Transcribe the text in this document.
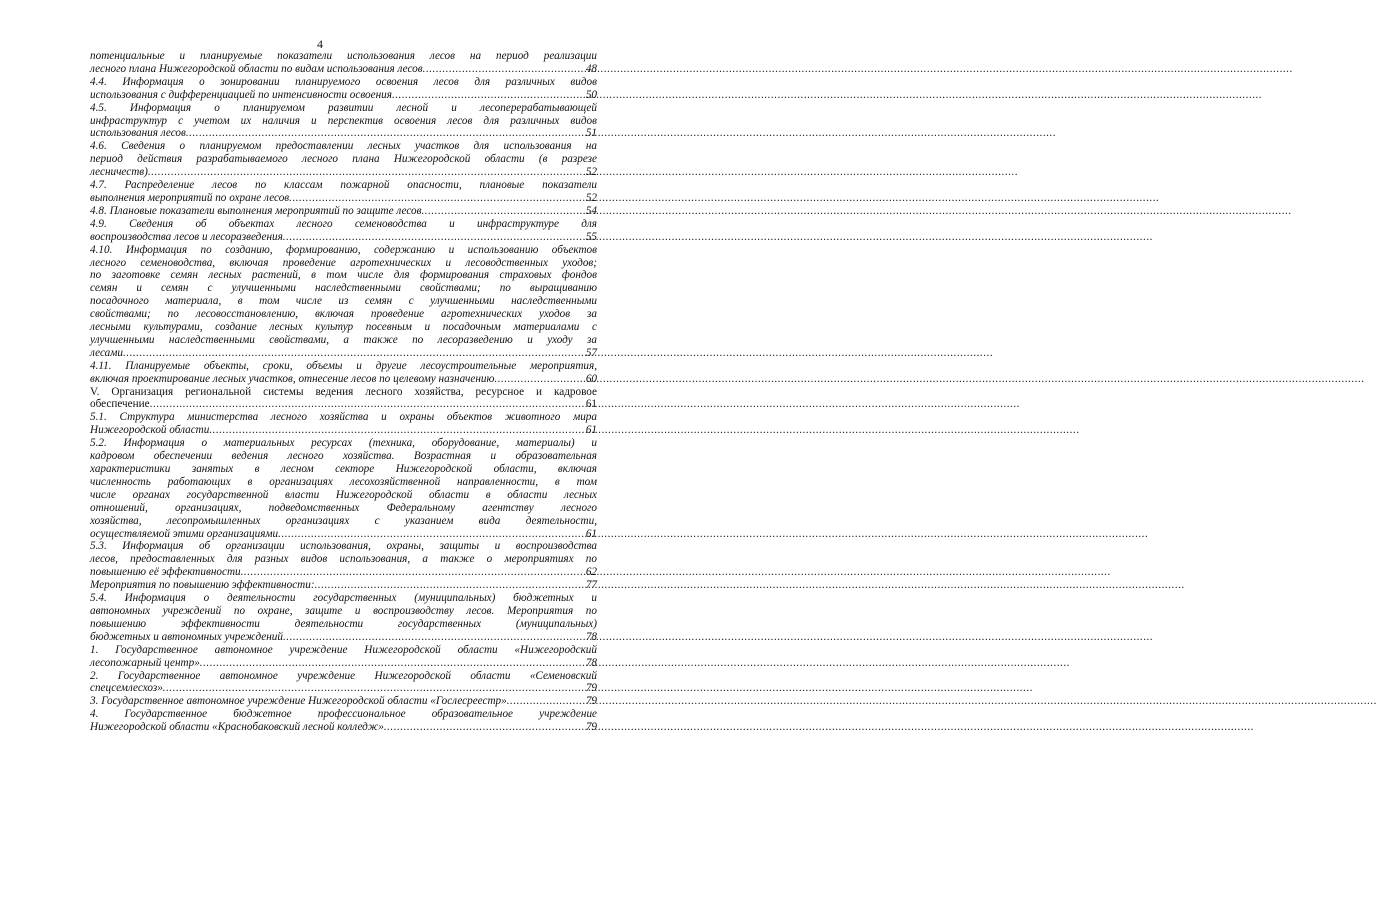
4
потенциальные и планируемые показатели использования лесов на период реализации
лесного плана Нижегородской области по видам использования лесов .....	48
4.4. Информация о зонировании планируемого освоения лесов для различных видов
использования с дифференциацией по интенсивности освоения .....	50
4.5. Информация о планируемом развитии лесной и лесоперерабатывающей
инфраструктур с учетом их наличия и перспектив освоения лесов для различных видов
использования лесов .....	51
4.6. Сведения о планируемом предоставлении лесных участков для использования на
период действия разрабатываемого лесного плана Нижегородской области (в разрезе
лесничеств) .....	52
4.7. Распределение лесов по классам пожарной опасности, плановые показатели
выполнения мероприятий по охране лесов .....	52
4.8. Плановые показатели выполнения мероприятий по защите лесов .....	54
4.9. Сведения об объектах лесного семеноводства и инфраструктуре для
воспроизводства лесов и лесоразведения .....	55
4.10. Информация по созданию, формированию, содержанию и использованию объектов
лесного семеноводства, включая проведение агротехнических и лесоводственных уходов;
по заготовке семян лесных растений, в том числе для формирования страховых фондов
семян и семян с улучшенными наследственными свойствами; по выращиванию
посадочного материала, в том числе из семян с улучшенными наследственными
свойствами; по лесовосстановлению, включая проведение агротехнических уходов за
лесными культурами, создание лесных культур посевным и посадочным материалами с
улучшенными наследственными свойствами, а также по лесоразведению и уходу за
лесами .....	57
4.11. Планируемые объекты, сроки, объемы и другие лесоустроительные мероприятия,
включая проектирование лесных участков, отнесение лесов по целевому назначению .....	60
V. Организация региональной системы ведения лесного хозяйства, ресурсное и кадровое
обеспечение .....	61
5.1. Структура министерства лесного хозяйства и охраны объектов животного мира
Нижегородской области .....	61
5.2. Информация о материальных ресурсах (техника, оборудование, материалы) и
кадровом обеспечении ведения лесного хозяйства. Возрастная и образовательная
характеристики занятых в лесном секторе Нижегородской области, включая
численность работающих в организациях лесохозяйственной направленности, в том
числе органах государственной власти Нижегородской области в области лесных
отношений, организациях, подведомственных Федеральному агентству лесного
хозяйства, лесопромышленных организациях с указанием вида деятельности,
осуществляемой этими организациями .....	61
5.3. Информация об организации использования, охраны, защиты и воспроизводства
лесов, предоставленных для разных видов использования, а также о мероприятиях по
повышению её эффективности .....	62
Мероприятия по повышению эффективности: .....	77
5.4. Информация о деятельности государственных (муниципальных) бюджетных и
автономных учреждений по охране, защите и воспроизводству лесов. Мероприятия по
повышению эффективности деятельности государственных (муниципальных)
бюджетных и автономных учреждений .....	78
1. Государственное автономное учреждение Нижегородской области «Нижегородский
лесопожарный центр» .....	78
2. Государственное автономное учреждение Нижегородской области «Семеновский
спецсемлесхоз» .....	79
3. Государственное автономное учреждение Нижегородской области «Гослесреестр» .....	79
4. Государственное бюджетное профессиональное образовательное учреждение
Нижегородской области «Краснобаковский лесной колледж» .....	79
